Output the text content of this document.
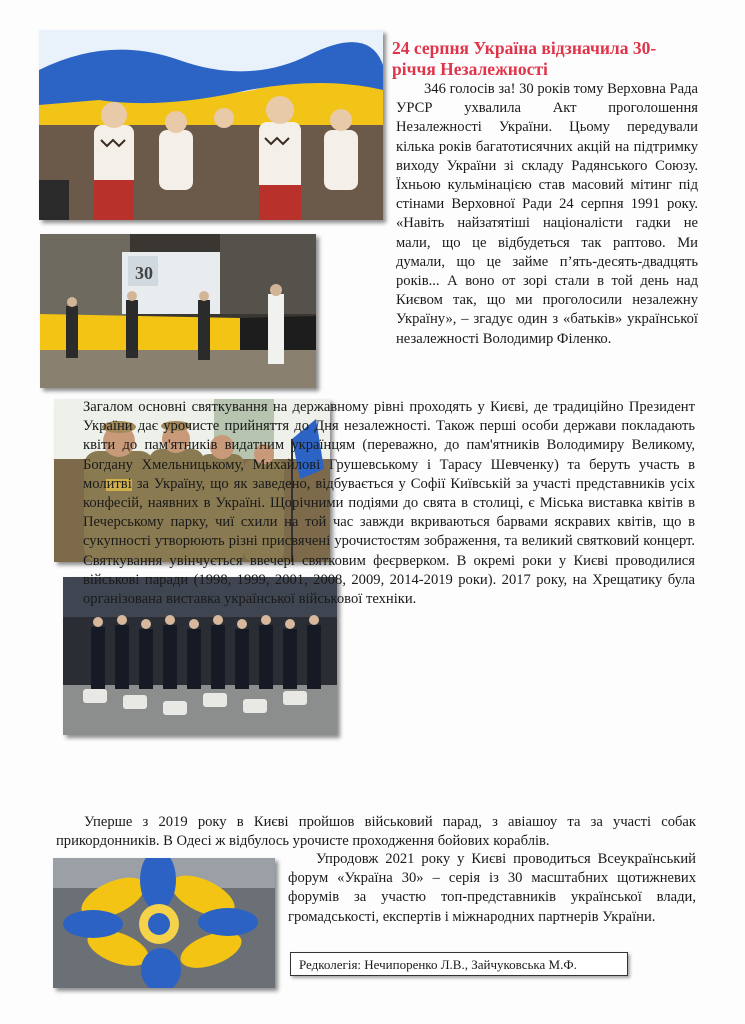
30
24 серпня Україна відзначила 30-річчя Незалежності

346 голосів за! 30 років тому Верховна Рада УРСР ухвалила Акт проголошення Незалежності України. Цьому передували кілька років багатотисячних акцій на підтримку виходу України зі складу Радянського Союзу. Їхньою кульмінацією став масовий мітинг під стінами Верховної Ради 24 серпня 1991 року. «Навіть найзатятіші націоналісти гадки не мали, що це відбудеться так раптово. Ми думали, що це займе п’ять-десять-двадцять років... А воно от зорі стали в той день над Києвом так, що ми проголосили незалежну Україну», – згадує один з «батьків» української незалежності Володимир Філенко.

Загалом основні святкування на державному рівні проходять у Києві, де традиційно Президент України дає урочисте прийняття до Дня незалежності. Також перші особи держави покладають квіти до пам'ятників видатним українцям (переважно, до пам'ятників Володимиру Великому, Богдану Хмельницькому, Михайлові Грушевському і Тарасу Шевченку) та беруть участь в молитві за Україну, що як заведено, відбувається у Софії Київській за участі представників усіх конфесій, наявних в Україні. Щорічними подіями до свята в столиці, є Міська виставка квітів в Печерському парку, чиї схили на той час завжди вкриваються барвами яскравих квітів, що в сукупності утворюють різні присвячені урочистостям зображення, та великий святковий концерт. Святкування увінчується ввечері святковим феєрверком. В окремі роки у Києві проводилися військові паради (1998, 1999, 2001, 2008, 2009, 2014-2019 роки). 2017 року, на Хрещатику була організована виставка української військової техніки.

Уперше з 2019 року в Києві пройшов військовий парад, з авіашоу та за участі собак прикордонників. В Одесі ж відбулось урочисте проходження бойових кораблів.

Упродовж 2021 року у Києві проводиться Всеукраїнський форум «Україна 30» – серія із 30 масштабних щотижневих форумів за участю топ-представників української влади, громадськості, експертів і міжнародних партнерів України.

Редколегія: Нечипоренко Л.В., Зайчуковська М.Ф.
